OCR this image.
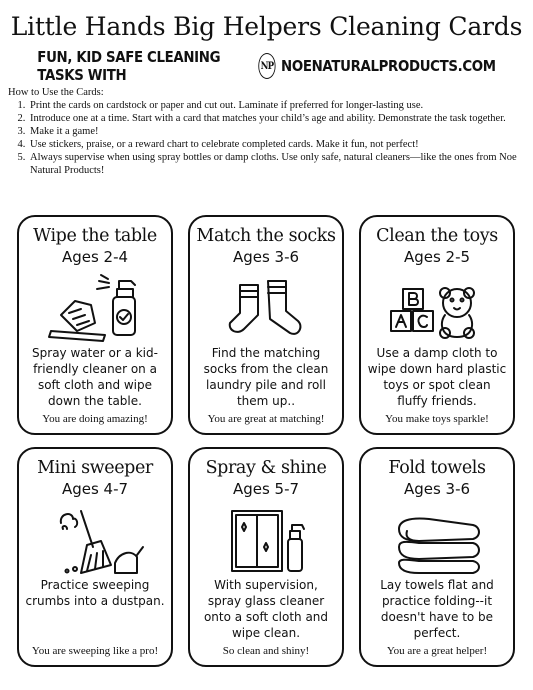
Little Hands Big Helpers Cleaning Cards
FUN, KID SAFE CLEANING TASKS WITH	NP NOENATURALPRODUCTS.COM
How to Use the Cards:
1. Print the cards on cardstock or paper and cut out. Laminate if preferred for longer-lasting use.
2. Introduce one at a time. Start with a card that matches your child’s age and ability. Demonstrate the task together.
3. Make it a game!
4. Use stickers, praise, or a reward chart to celebrate completed cards. Make it fun, not perfect!
5. Always supervise when using spray bottles or damp cloths. Use only safe, natural cleaners—like the ones from Noe Natural Products!
Wipe the table
Ages 2-4
Spray water or a kid-friendly cleaner on a soft cloth and wipe down the table.
You are doing amazing!
Match the socks
Ages 3-6
Find the matching socks from the clean laundry pile and roll them up..
You are great at matching!
Clean the toys
Ages 2-5
Use a damp cloth to wipe down hard plastic toys or spot clean fluffy friends.
You make toys sparkle!
Mini sweeper
Ages 4-7
Practice sweeping crumbs into a dustpan.
You are sweeping like a pro!
Spray & shine
Ages 5-7
With supervision, spray glass cleaner onto a soft cloth and wipe clean.
So clean and shiny!
Fold towels
Ages 3-6
Lay towels flat and practice folding--it doesn't have to be perfect.
You are a great helper!
